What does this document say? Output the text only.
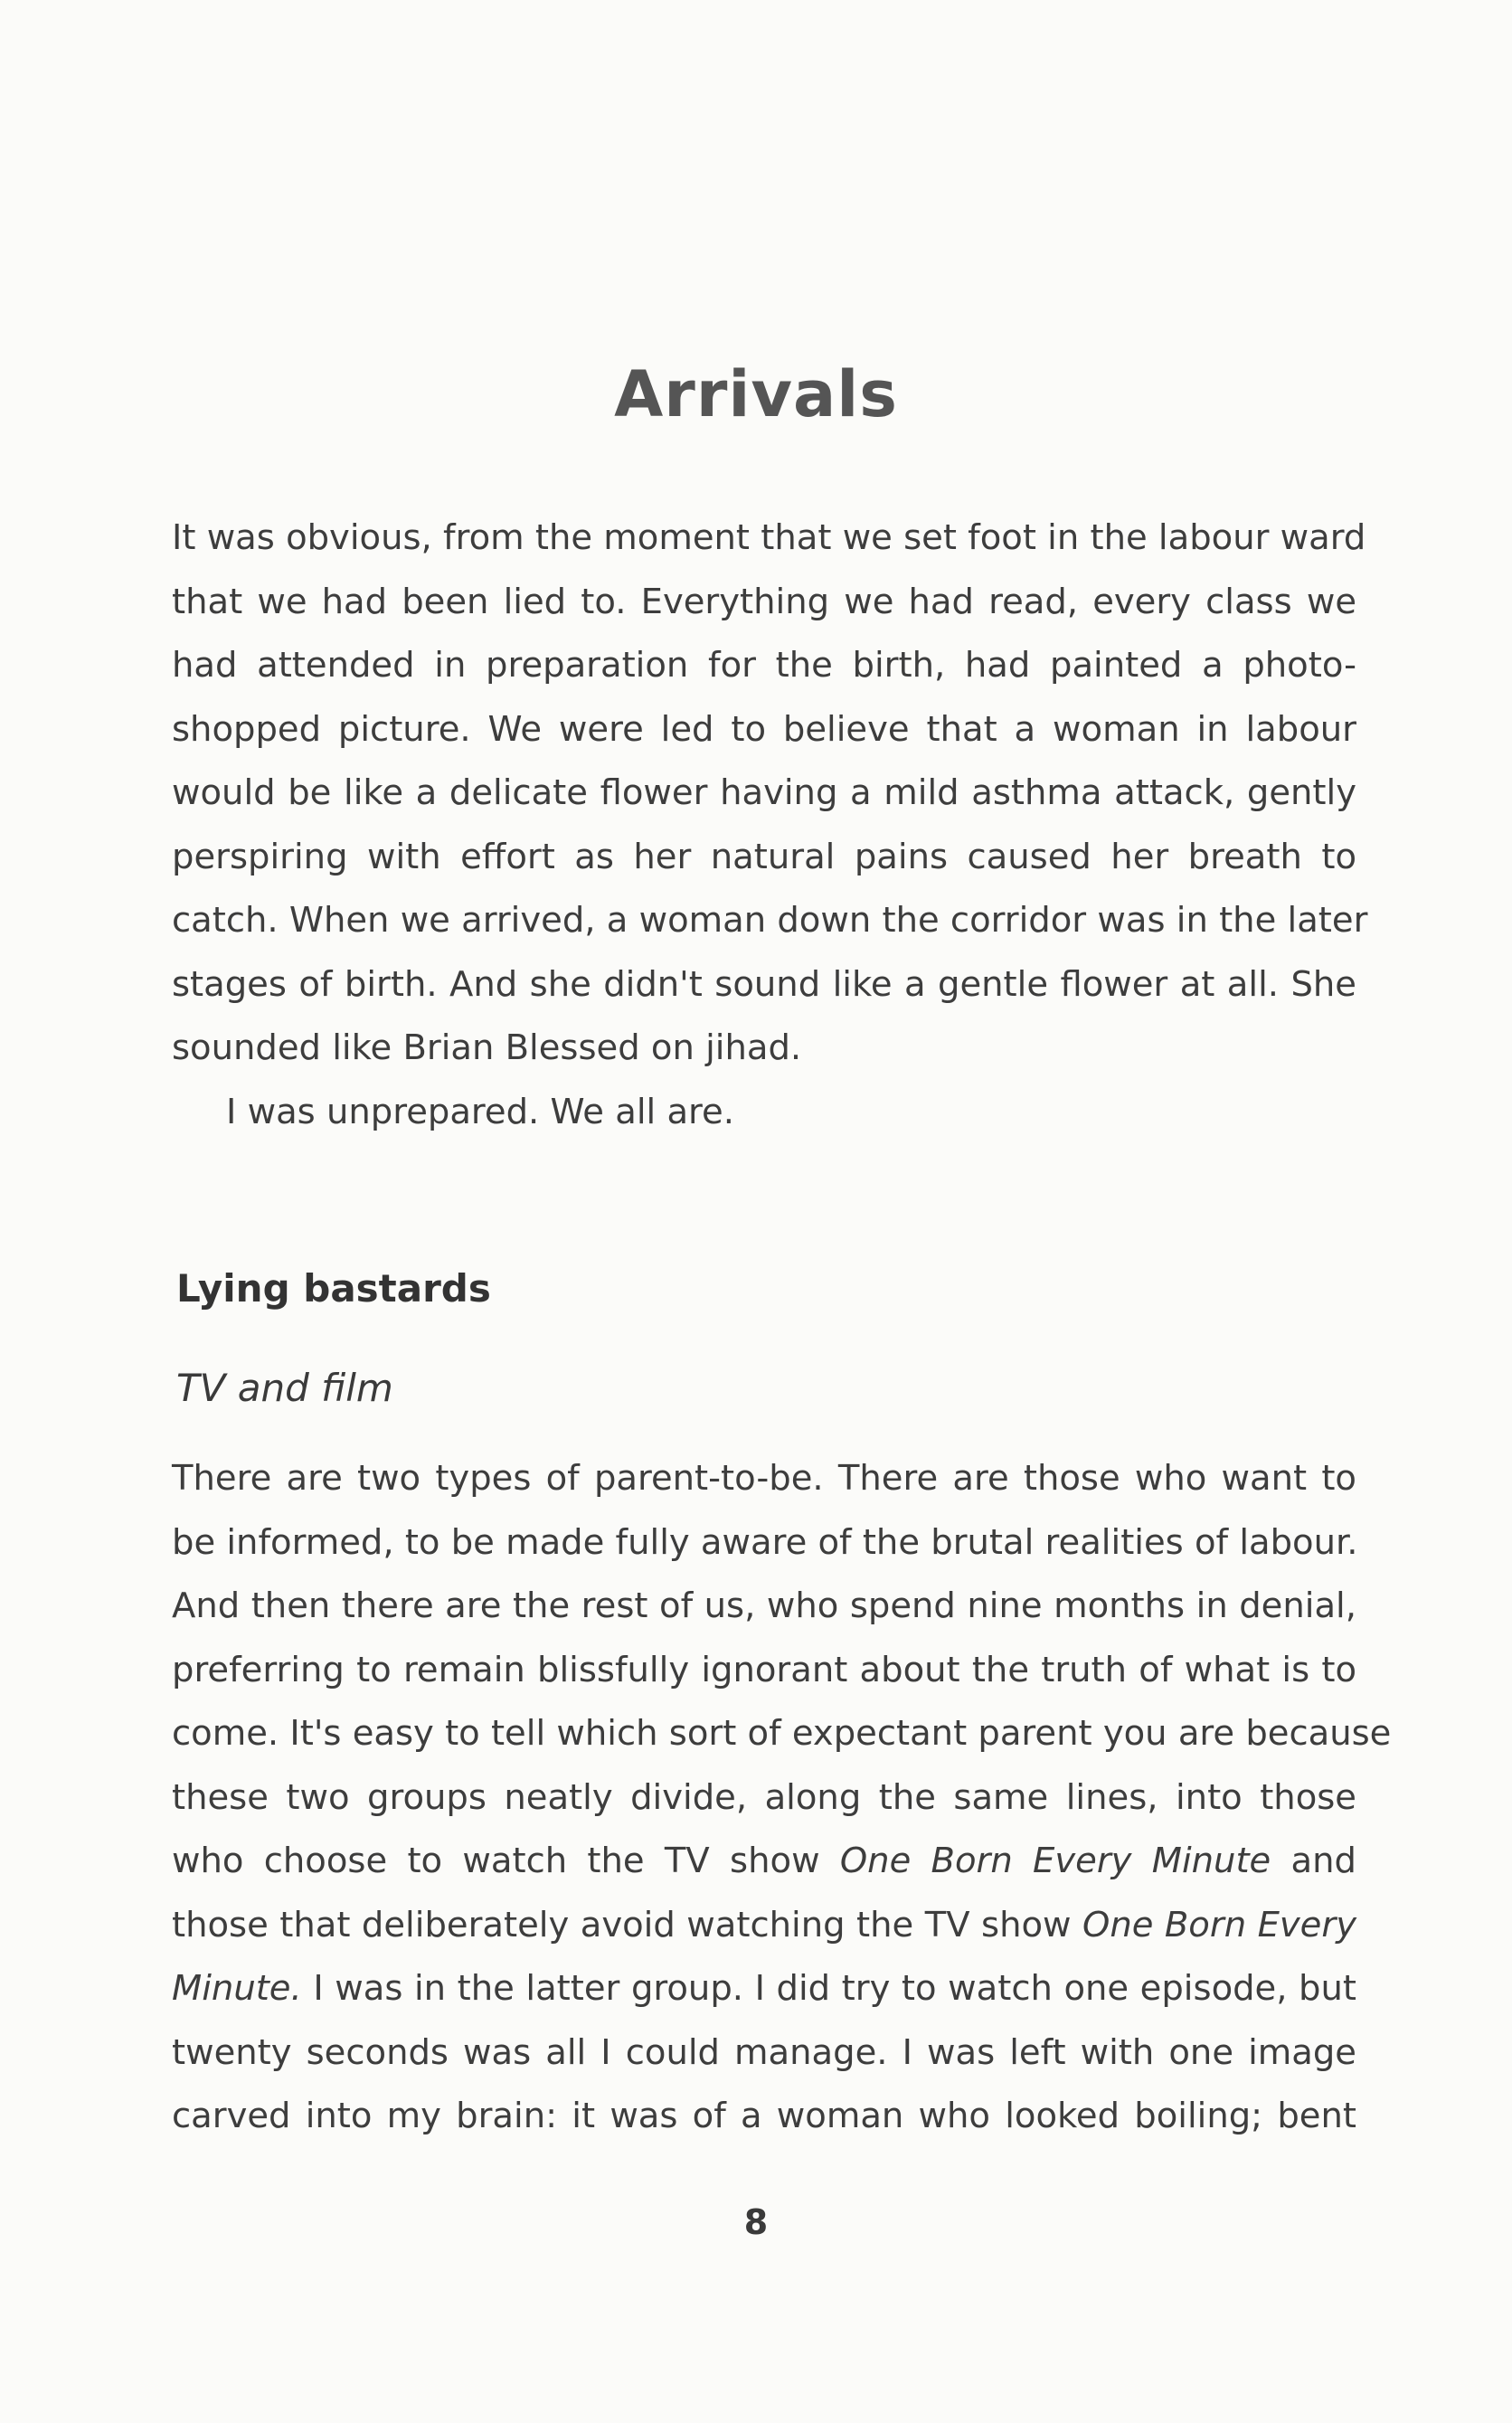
Arrivals
It was obvious, from the moment that we set foot in the labour ward
that we had been lied to. Everything we had read, every class we
had attended in preparation for the birth, had painted a photo-
shopped picture. We were led to believe that a woman in labour
would be like a delicate flower having a mild asthma attack, gently
perspiring with effort as her natural pains caused her breath to
catch. When we arrived, a woman down the corridor was in the later
stages of birth. And she didn't sound like a gentle flower at all. She
sounded like Brian Blessed on jihad.
I was unprepared. We all are.
Lying bastards
TV and film
There are two types of parent-to-be. There are those who want to
be informed, to be made fully aware of the brutal realities of labour.
And then there are the rest of us, who spend nine months in denial,
preferring to remain blissfully ignorant about the truth of what is to
come. It's easy to tell which sort of expectant parent you are because
these two groups neatly divide, along the same lines, into those
who choose to watch the TV show One Born Every Minute and
those that deliberately avoid watching the TV show One Born Every
Minute. I was in the latter group. I did try to watch one episode, but
twenty seconds was all I could manage. I was left with one image
carved into my brain: it was of a woman who looked boiling; bent
8
